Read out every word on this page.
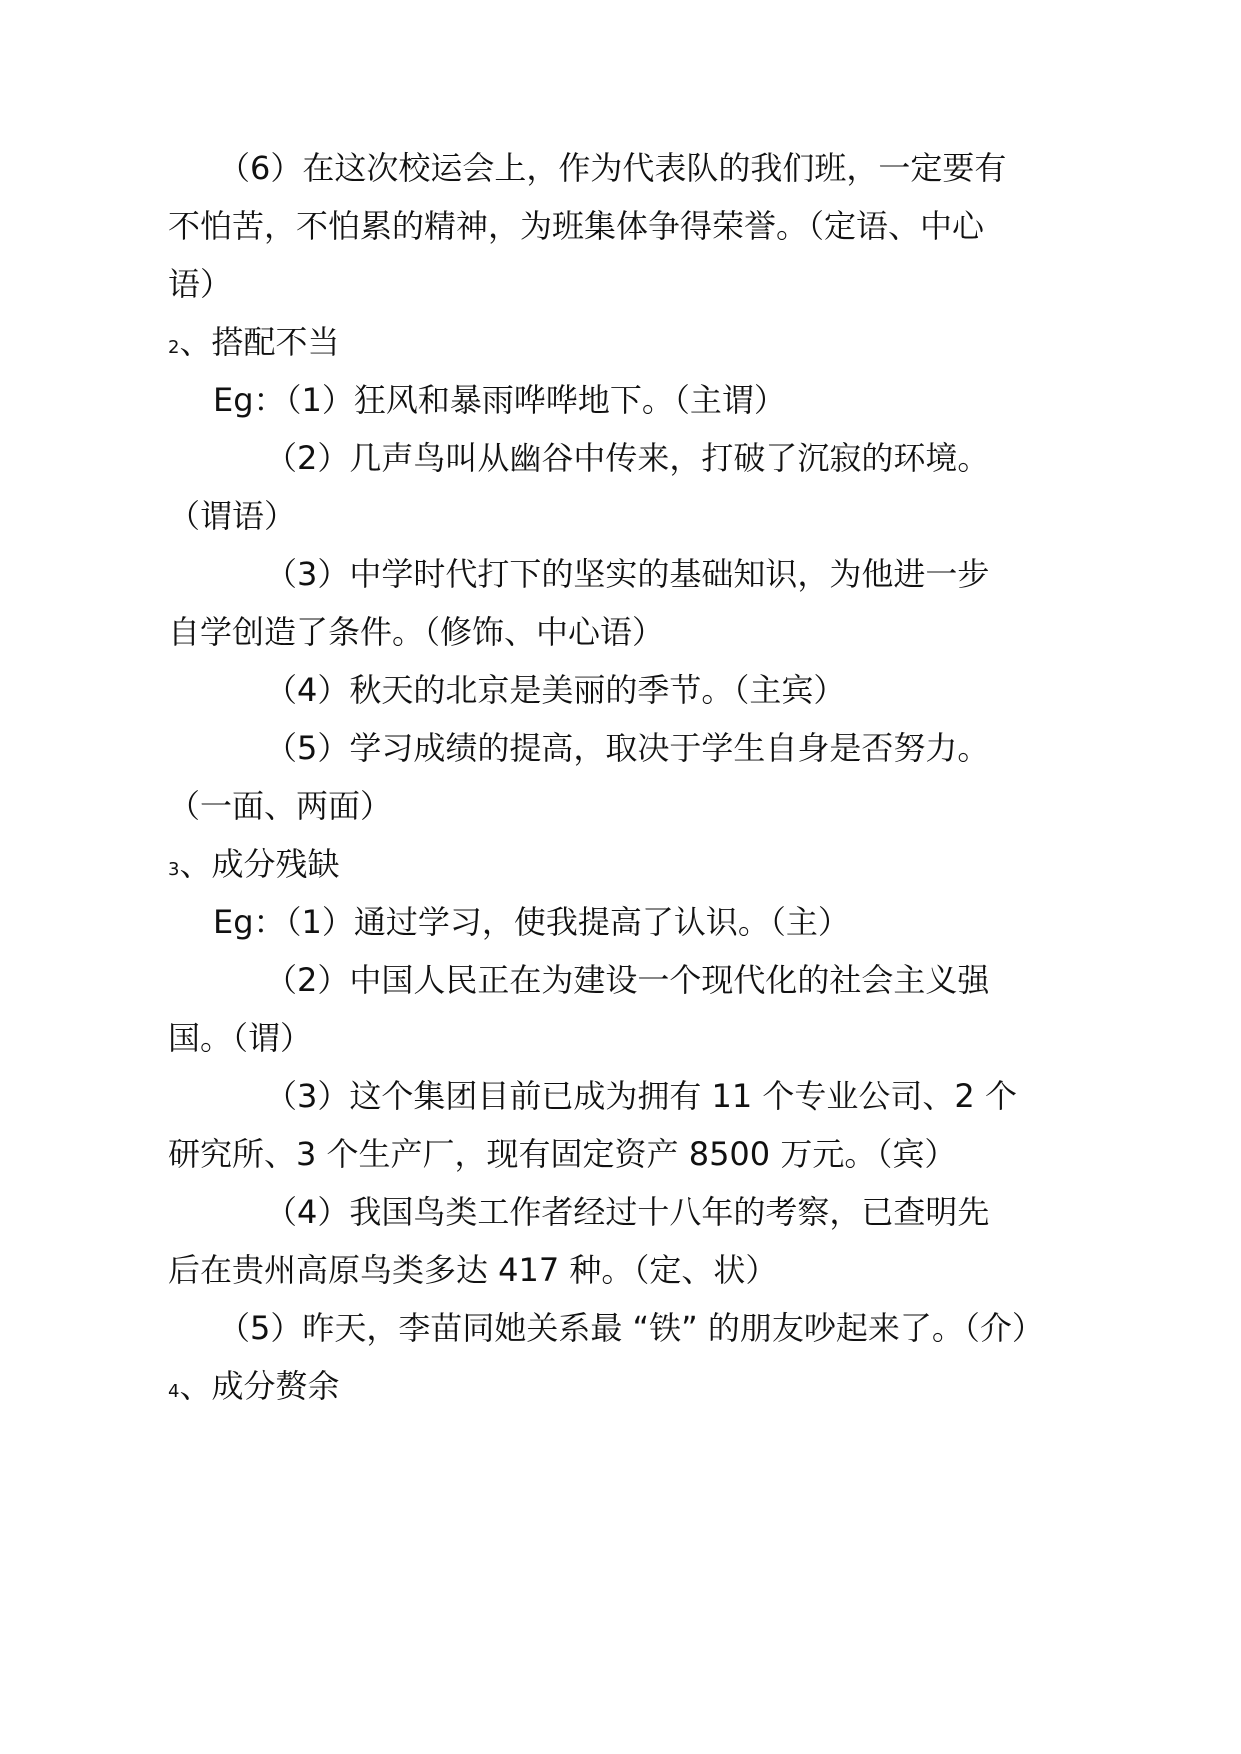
（6）在这次校运会上，作为代表队的我们班，一定要有
不怕苦，不怕累的精神，为班集体争得荣誉。（定语、中心
语）
2、搭配不当
Eg：（1）狂风和暴雨哗哗地下。（主谓）
（2）几声鸟叫从幽谷中传来，打破了沉寂的环境。
（谓语）
（3）中学时代打下的坚实的基础知识，为他进一步
自学创造了条件。（修饰、中心语）
（4）秋天的北京是美丽的季节。（主宾）
（5）学习成绩的提高，取决于学生自身是否努力。
（一面、两面）
3、成分残缺
Eg：（1）通过学习，使我提高了认识。（主）
（2）中国人民正在为建设一个现代化的社会主义强
国。（谓）
（3）这个集团目前已成为拥有 11 个专业公司、2 个
研究所、3 个生产厂，现有固定资产 8500 万元。（宾）
（4）我国鸟类工作者经过十八年的考察，已查明先
后在贵州高原鸟类多达 417 种。（定、状）
（5）昨天，李苗同她关系最 “铁” 的朋友吵起来了。（介）
4、成分赘余
